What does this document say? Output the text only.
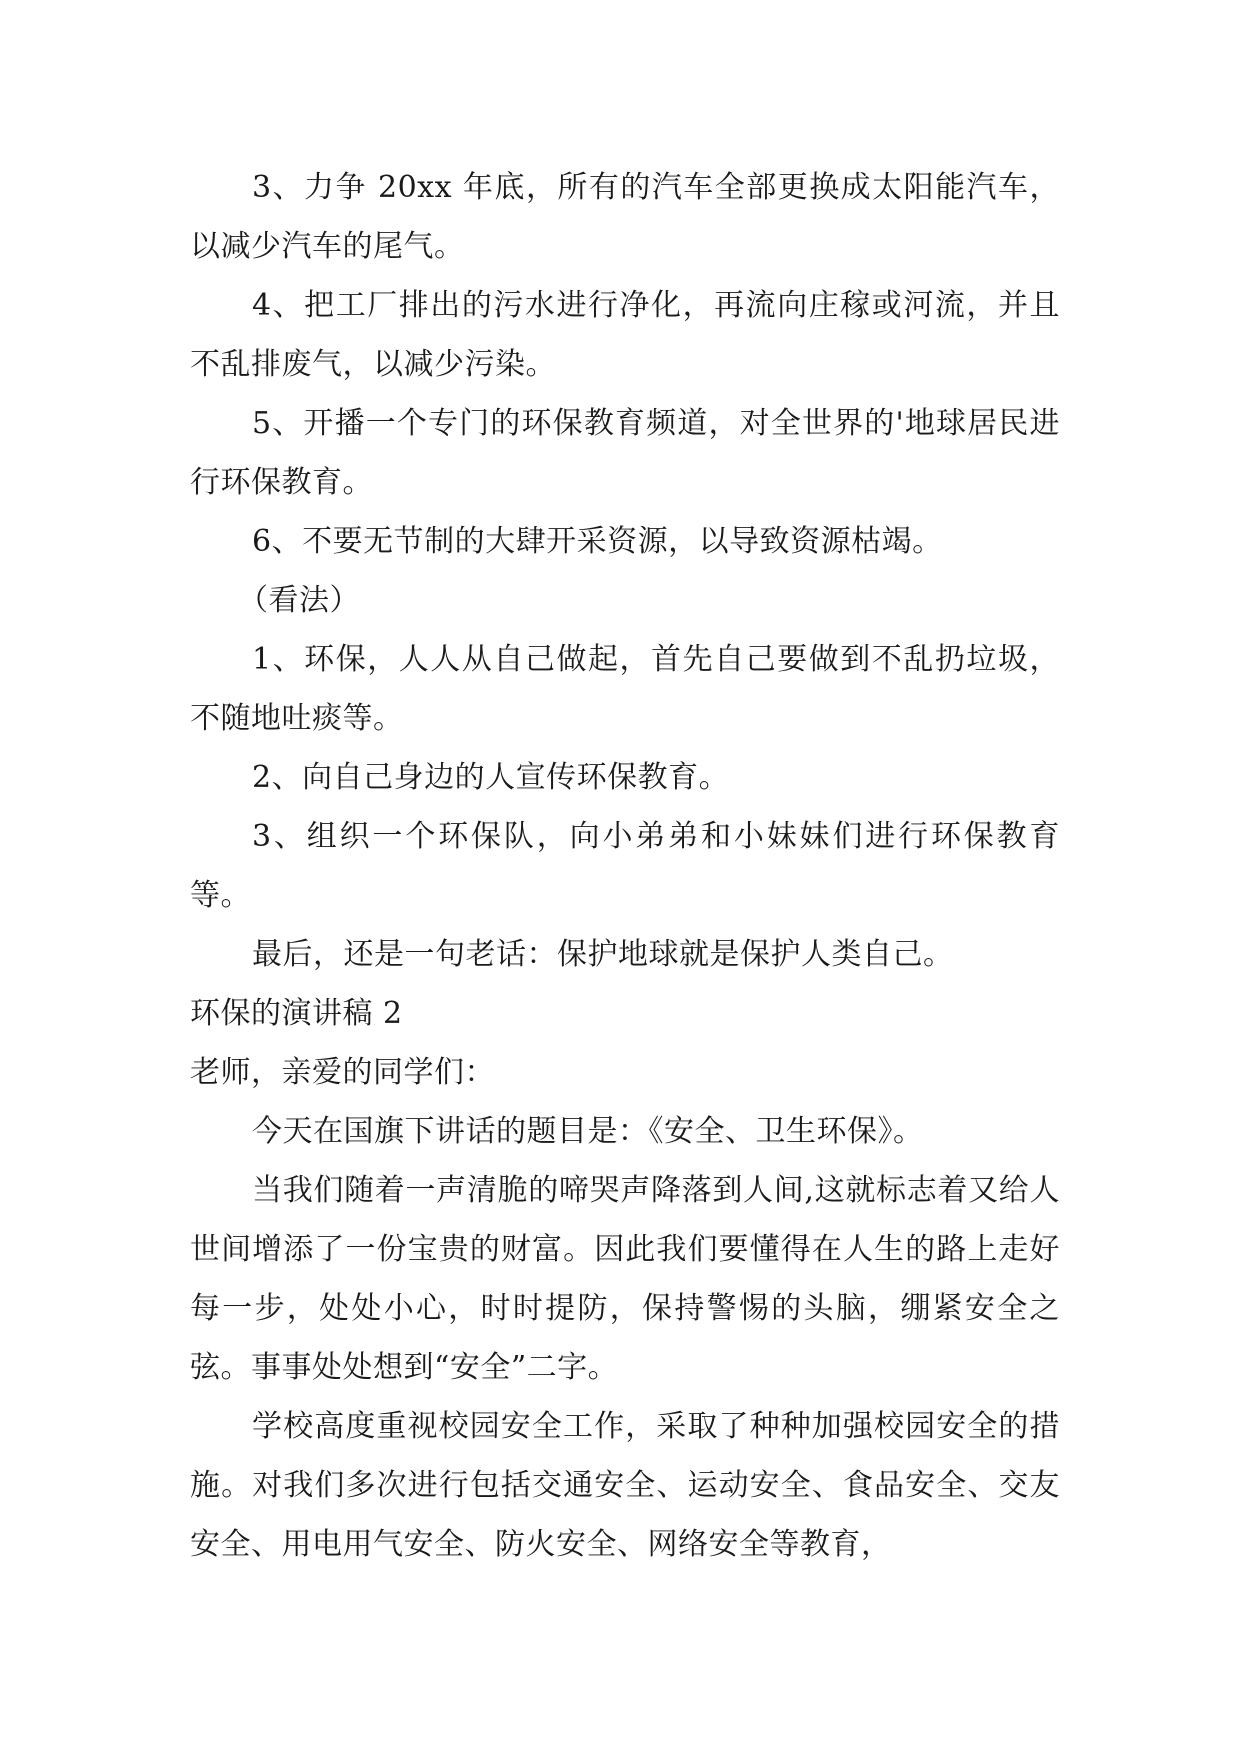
3、力争 20xx 年底，所有的汽车全部更换成太阳能汽车，以减少汽车的尾气。

4、把工厂排出的污水进行净化，再流向庄稼或河流，并且不乱排废气，以减少污染。

5、开播一个专门的环保教育频道，对全世界的'地球居民进行环保教育。

6、不要无节制的大肆开采资源，以导致资源枯竭。

（看法）

1、环保，人人从自己做起，首先自己要做到不乱扔垃圾，不随地吐痰等。

2、向自己身边的人宣传环保教育。

3、组织一个环保队，向小弟弟和小妹妹们进行环保教育等。

最后，还是一句老话：保护地球就是保护人类自己。

环保的演讲稿 2

老师，亲爱的同学们：

今天在国旗下讲话的题目是：《安全、卫生环保》。

当我们随着一声清脆的啼哭声降落到人间,这就标志着又给人世间增添了一份宝贵的财富。因此我们要懂得在人生的路上走好每一步，处处小心，时时提防，保持警惕的头脑，绷紧安全之弦。事事处处想到“安全”二字。

学校高度重视校园安全工作，采取了种种加强校园安全的措施。对我们多次进行包括交通安全、运动安全、食品安全、交友安全、用电用气安全、防火安全、网络安全等教育，
